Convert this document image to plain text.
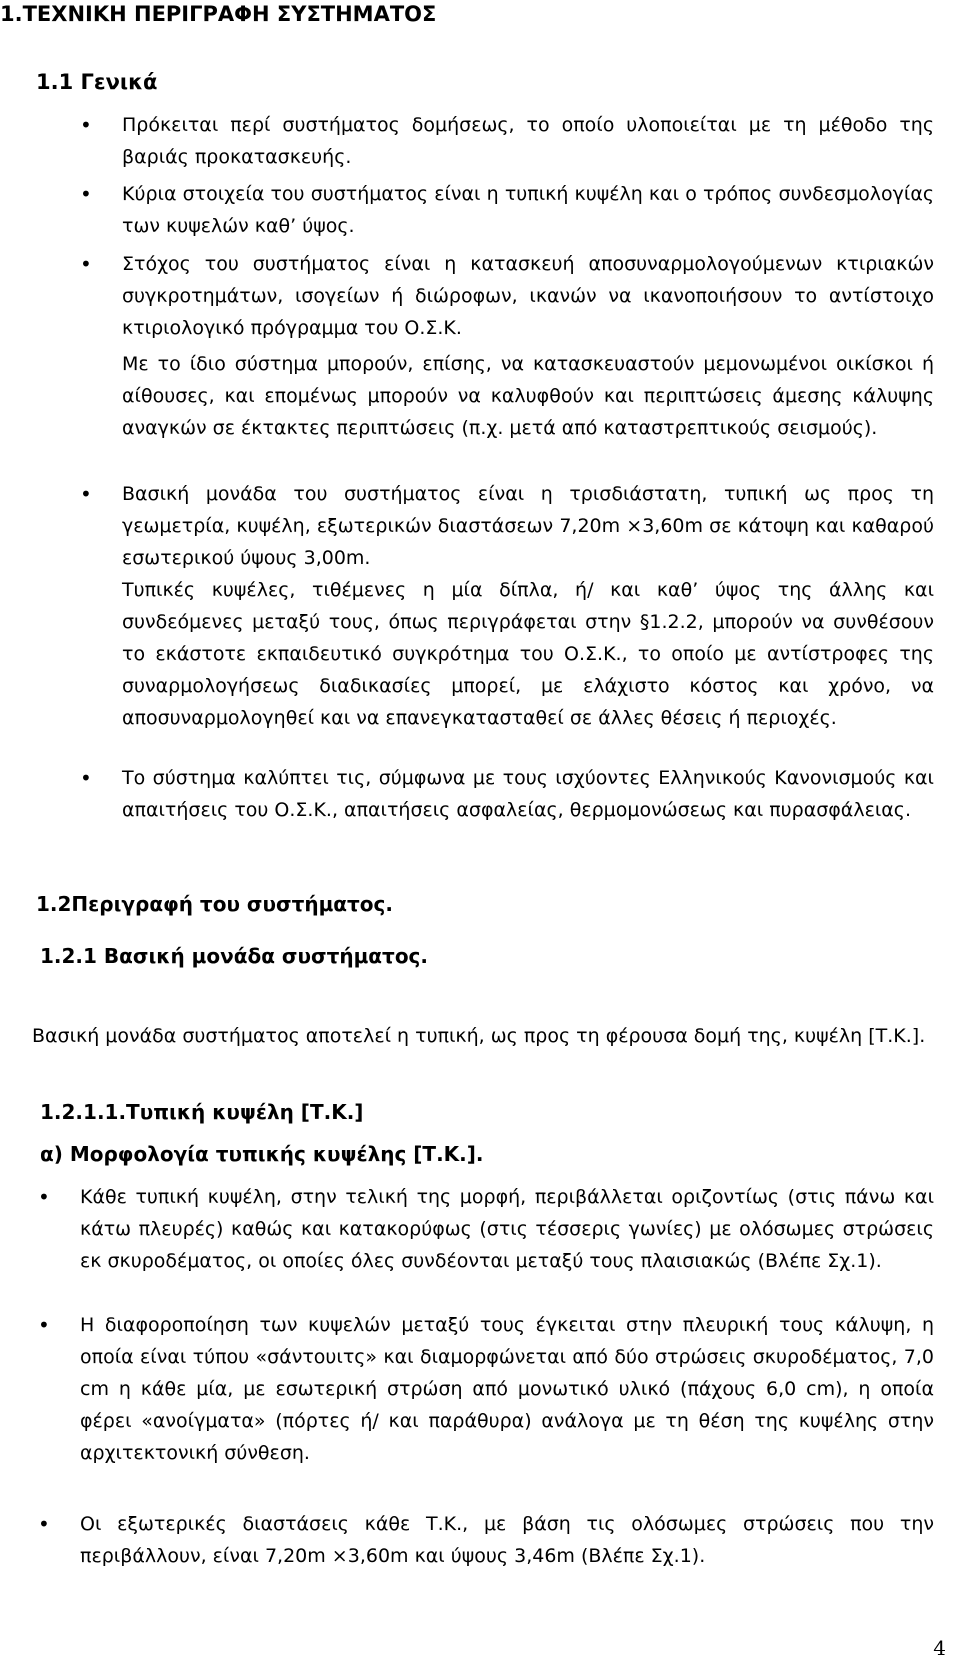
1.ΤΕΧΝΙΚΗ ΠΕΡΙΓΡΑΦΗ ΣΥΣΤΗΜΑΤΟΣ
1.1 Γενικά
• Πρόκειται περί συστήματος δομήσεως, το οποίο υλοποιείται με τη μέθοδο της βαριάς προκατασκευής.
• Κύρια στοιχεία του συστήματος είναι η τυπική κυψέλη και ο τρόπος συνδεσμολογίας των κυψελών καθ’ ύψος.
• Στόχος του συστήματος είναι η κατασκευή αποσυναρμολογούμενων κτιριακών συγκροτημάτων, ισογείων ή διώροφων, ικανών να ικανοποιήσουν το αντίστοιχο κτιριολογικό πρόγραμμα του Ο.Σ.Κ.
Με το ίδιο σύστημα μπορούν, επίσης, να κατασκευαστούν μεμονωμένοι οικίσκοι ή αίθουσες, και επομένως μπορούν να καλυφθούν και περιπτώσεις άμεσης κάλυψης αναγκών σε έκτακτες περιπτώσεις (π.χ. μετά από καταστρεπτικούς σεισμούς).
• Βασική μονάδα του συστήματος είναι η τρισδιάστατη, τυπική ως προς τη γεωμετρία, κυψέλη, εξωτερικών διαστάσεων 7,20m ×3,60m σε κάτοψη και καθαρού εσωτερικού ύψους 3,00m.
Τυπικές κυψέλες, τιθέμενες η μία δίπλα, ή/ και καθ’ ύψος της άλλης και συνδεόμενες μεταξύ τους, όπως περιγράφεται στην §1.2.2, μπορούν να συνθέσουν το εκάστοτε εκπαιδευτικό συγκρότημα του Ο.Σ.Κ., το οποίο με αντίστροφες της συναρμολογήσεως διαδικασίες μπορεί, με ελάχιστο κόστος και χρόνο, να αποσυναρμολογηθεί και να επανεγκατασταθεί σε άλλες θέσεις ή περιοχές.
• Το σύστημα καλύπτει τις, σύμφωνα με τους ισχύοντες Ελληνικούς Κανονισμούς και απαιτήσεις του Ο.Σ.Κ., απαιτήσεις ασφαλείας, θερμομονώσεως και πυρασφάλειας.
1.2Περιγραφή του συστήματος.
1.2.1 Βασική μονάδα συστήματος.
Βασική μονάδα συστήματος αποτελεί η τυπική, ως προς τη φέρουσα δομή της, κυψέλη [Τ.Κ.].
1.2.1.1.Τυπική κυψέλη [Τ.Κ.]
α) Μορφολογία τυπικής κυψέλης [Τ.Κ.].
• Κάθε τυπική κυψέλη, στην τελική της μορφή, περιβάλλεται οριζοντίως (στις πάνω και κάτω πλευρές) καθώς και κατακορύφως (στις τέσσερις γωνίες) με ολόσωμες στρώσεις εκ σκυροδέματος, οι οποίες όλες συνδέονται μεταξύ τους πλαισιακώς (Βλέπε Σχ.1).
• Η διαφοροποίηση των κυψελών μεταξύ τους έγκειται στην πλευρική τους κάλυψη, η οποία είναι τύπου «σάντουιτς» και διαμορφώνεται από δύο στρώσεις σκυροδέματος, 7,0 cm η κάθε μία, με εσωτερική στρώση από μονωτικό υλικό (πάχους 6,0 cm), η οποία φέρει «ανοίγματα» (πόρτες ή/ και παράθυρα) ανάλογα με τη θέση της κυψέλης στην αρχιτεκτονική σύνθεση.
• Οι εξωτερικές διαστάσεις κάθε Τ.Κ., με βάση τις ολόσωμες στρώσεις που την περιβάλλουν, είναι 7,20m ×3,60m και ύψους 3,46m (Βλέπε Σχ.1).
4
